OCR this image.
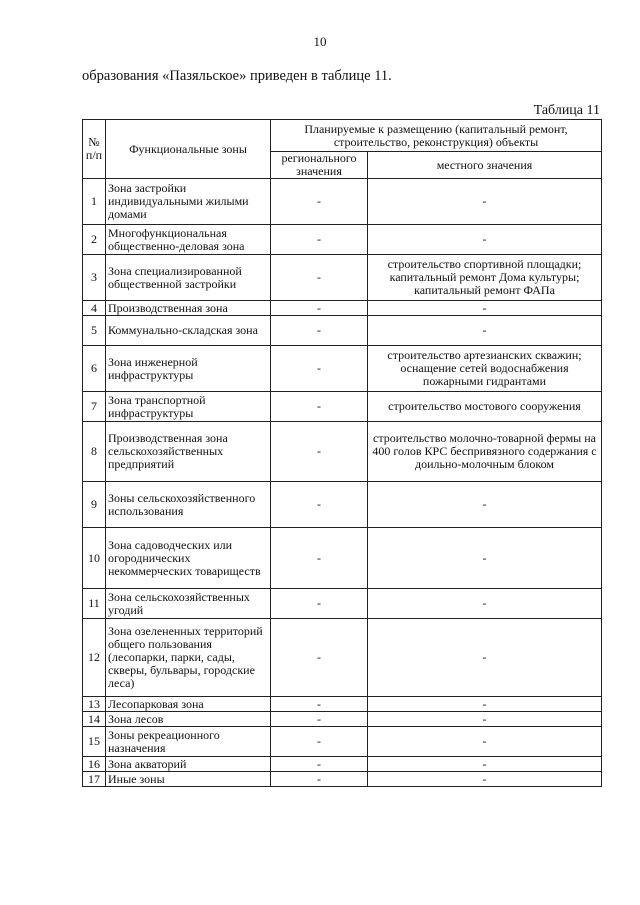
10
образования «Пазяльское» приведен в таблице 11.
Таблица 11
№ п/п	Функциональные зоны	Планируемые к размещению (капитальный ремонт, строительство, реконструкция) объекты	
		регионального значения	местного значения
1	Зона застройки индивидуальными жилыми домами	-	-
2	Многофункциональная общественно-деловая зона	-	-
3	Зона специализированной общественной застройки	-	строительство спортивной площадки; капитальный ремонт Дома культуры; капитальный ремонт ФАПа
4	Производственная зона	-	-
5	Коммунально-складская зона	-	-
6	Зона инженерной инфраструктуры	-	строительство артезианских скважин; оснащение сетей водоснабжения пожарными гидрантами
7	Зона транспортной инфраструктуры	-	строительство мостового сооружения
8	Производственная зона сельскохозяйственных предприятий	-	строительство молочно-товарной фермы на 400 голов КРС беспривязного содержания с доильно-молочным блоком
9	Зоны сельскохозяйственного использования	-	-
10	Зона садоводческих или огороднических некоммерческих товариществ	-	-
11	Зона сельскохозяйственных угодий	-	-
12	Зона озелененных территорий общего пользования (лесопарки, парки, сады, скверы, бульвары, городские леса)	-	-
13	Лесопарковая зона	-	-
14	Зона лесов	-	-
15	Зоны рекреационного назначения	-	-
16	Зона акваторий	-	-
17	Иные зоны	-	-
